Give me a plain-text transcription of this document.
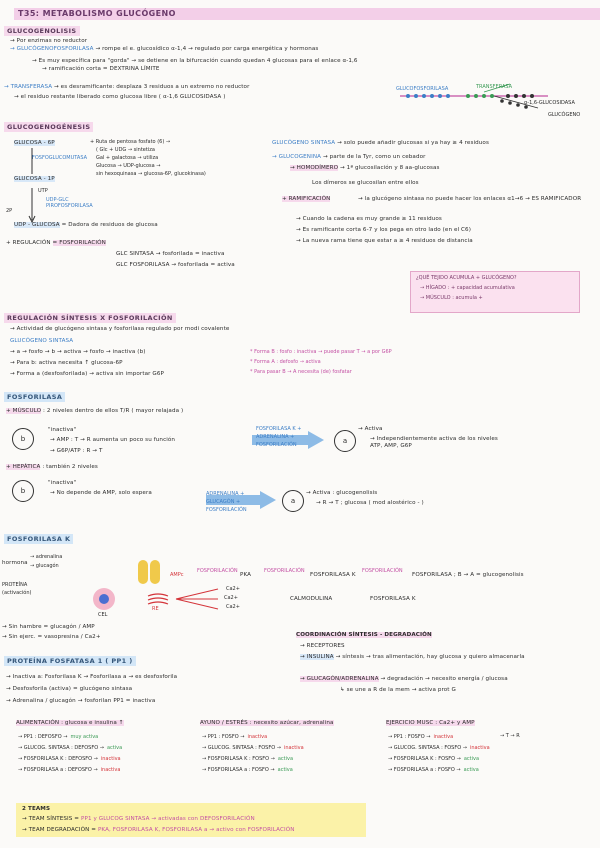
T35: METABOLISMO GLUCÓGENO
GLUCOGENOLISIS
→ Por enzimas no reductor
→ GLUCÓGENOFOSFORILASA → rompe el e. glucosídico α-1,4 → regulado por carga energética y hormonas
→ Es muy específica para "gorda" → se detiene en la bifurcación cuando quedan 4 glucosas para el enlace α-1,6
→ ramificación corta = DEXTRINA LÍMITE
→ TRANSFERASA → es desramificante: desplaza 3 residuos a un extremo no reductor
→ el residuo restante liberado como glucosa libre ( α-1,6 GLUCOSIDASA )
GLUCOFOSFORILASA	TRANSFERASA
α-1,6-GLUCOSIDASA
GLUCÓGENO
GLUCOGENOGÉNESIS
GLUCOSA - 6P
FOSFOGLUCOMUTASA
GLUCOSA - 1P
UTP
UDP-GLC PIROFOSFORILASA
2P
UDP - GLUCOSA = Dadora de residuos de glucosa
+ Ruta de pentosa fosfato (6) →
( Glc + UDG → sintetiza
Gal + galactosa → utiliza
Glucosa → UDP-glucosa →
sin hexoquinasa → glucosa-6P, glucokinasa)
GLUCÓGENO SINTASA → solo puede añadir glucosas si ya hay ≥ 4 residuos
→ GLUCOGENINA → parte de la Tyr, como un cebador
→ HOMODÍMERO → 1ª glucosilación y 8 aa-glucosas
Los dímeros se glucosilan entre ellos
+ RAMIFICACIÓN	→ la glucógeno sintasa no puede hacer los enlaces α1→6 → ES RAMIFICADOR
→ Cuando la cadena es muy grande ≥ 11 residuos
→ Es ramificante corta 6-7 y los pega en otro lado (en el C6)
→ La nueva rama tiene que estar a ≥ 4 residuos de distancia
+ REGULACIÓN = FOSFORILACIÓN
GLC SINTASA → fosforilada = inactiva
GLC FOSFORILASA → fosforilada = activa
¿QUÉ TEJIDO ACUMULA + GLUCÓGENO?
→ HÍGADO : + capacidad acumulativa
→ MÚSCULO : acumula +
REGULACIÓN SÍNTESIS X FOSFORILACIÓN
→ Actividad de glucógeno sintasa y fosforilasa regulado por modi covalente
GLUCÓGENO SINTASA
→ a → fosfo → b → activa → fosfo → inactiva (b)
→ Para b: activa necesita ↑ glucosa-6P
→ Forma a (desfosforilada) → activa sin importar G6P
* Forma B : fosfo : inactiva → puede pasar T → a por G6P
* Forma A : defosfo → activa
* Para pasar B → A necesita (de) fosfatar
FOSFORILASA
+ MÚSCULO : 2 niveles dentro de ellos T/R ( mayor relajada )
b
"inactiva"
→ AMP : T → R aumenta un poco su función
→ G6P/ATP : R → T
FOSFORILASA K + ADRENALINA + FOSFORILACIÓN	a
→ Activa
→ Independientemente activa de los niveles ATP, AMP, G6P
+ HEPÁTICA : también 2 niveles
b
"inactiva"
→ No depende de AMP, solo espera	ADRENALINA + GLUCAGÓN + FOSFORILACIÓN
a
→ Activa : glucogenolisis
→ R → T ; glucosa ( mod alostérico - )
FOSFORILASA K
hormona
→ adrenalina
→ glucagón
AMPc
FOSFORILACIÓN
PKA
FOSFORILACIÓN
FOSFORILASA K
FOSFORILACIÓN
FOSFORILASA ; B → A = glucogenolisis
PROTEÍNA
(activación)
CEL
RE
Ca2+
Ca2+
Ca2+
CALMODULINA	FOSFORILASA K
→ Sin hambre = glucagón / AMP
→ Sin ejerc. = vasopresina / Ca2+	COORDINACIÓN SÍNTESIS - DEGRADACIÓN
→ RECEPTORES
→ INSULINA → síntesis → tras alimentación, hay glucosa y quiero almacenarla
→ GLUCAGÓN/ADRENALINA → degradación → necesito energía / glucosa
↳ se une a R de la mem → activa prot G
PROTEÍNA FOSFATASA 1 ( PP1 )
→ Inactiva a: Fosforilasa K → Fosforilasa a → es desfosforila
→ Desfosforila (activa) = glucógeno sintasa
→ Adrenalina / glucagón → fosforilan PP1 = inactiva
ALIMENTACIÓN : glucosa e insulina ↑
→ PP1 : DEFOSFO → muy activa
→ GLUCOG. SINTASA : DEFOSFO → activa
→ FOSFORILASA K : DEFOSFO → inactiva
→ FOSFORILASA a : DEFOSFO → inactiva
AYUNO / ESTRÉS : necesito azúcar, adrenalina
→ PP1 : FOSFO → inactiva
→ GLUCOG. SINTASA : FOSFO → inactiva
→ FOSFORILASA K : FOSFO → activa
→ FOSFORILASA a : FOSFO → activa
EJERCICIO MUSC : Ca2+ y AMP
→ PP1 : FOSFO → inactiva
→ GLUCOG. SINTASA : FOSFO → inactiva
→ FOSFORILASA K : FOSFO → activa
→ FOSFORILASA a : FOSFO → activa
→ T → R
2 TEAMS
→ TEAM SÍNTESIS = PP1 y GLUCOG SINTASA → activadas con DEFOSFORILACIÓN
→ TEAM DEGRADACIÓN = PKA, FOSFORILASA K, FOSFORILASA a → activo con FOSFORILACIÓN
